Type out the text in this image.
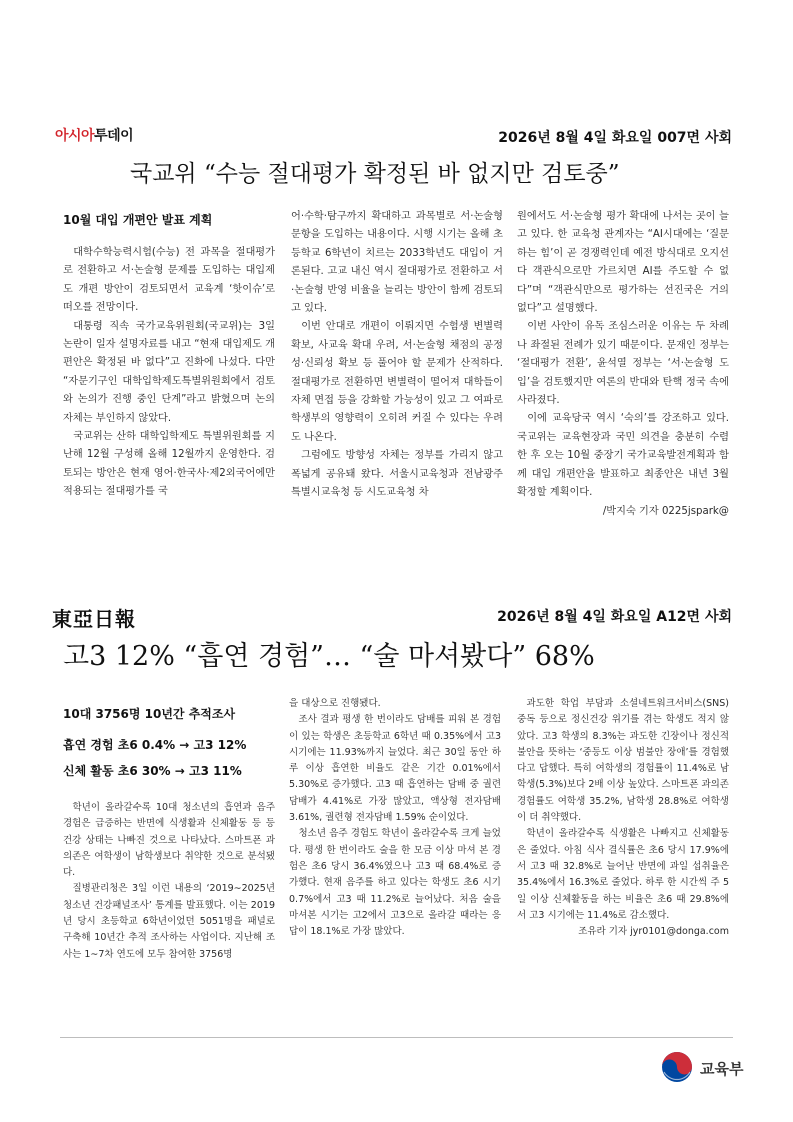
아시아투데이	2026년 8월 4일 화요일 007면 사회
국교위 “수능 절대평가 확정된 바 없지만 검토중”
10월 대입 개편안 발표 계획

대학수학능력시험(수능) 전 과목을 절대평가로 전환하고 서·논술형 문제를 도입하는 대입제도 개편 방안이 검토되면서 교육계 ‘핫이슈’로 떠오를 전망이다.

대통령 직속 국가교육위원회(국교위)는 3일 논란이 일자 설명자료를 내고 “현재 대입제도 개편안은 확정된 바 없다”고 진화에 나섰다. 다만 “자문기구인 대학입학제도특별위원회에서 검토와 논의가 진행 중인 단계”라고 밝혔으며 논의 자체는 부인하지 않았다.

국교위는 산하 대학입학제도 특별위원회를 지난해 12월 구성해 올해 12월까지 운영한다. 검토되는 방안은 현재 영어·한국사·제2외국어에만 적용되는 절대평가를 국

어·수학·탐구까지 확대하고 과목별로 서·논술형 문항을 도입하는 내용이다. 시행 시기는 올해 초등학교 6학년이 치르는 2033학년도 대입이 거론된다. 고교 내신 역시 절대평가로 전환하고 서·논술형 반영 비율을 늘리는 방안이 함께 검토되고 있다.

이번 안대로 개편이 이뤄지면 수험생 변별력 확보, 사교육 확대 우려, 서·논술형 채점의 공정성·신뢰성 확보 등 풀어야 할 문제가 산적하다. 절대평가로 전환하면 변별력이 떨어져 대학들이 자체 면접 등을 강화할 가능성이 있고 그 여파로 학생부의 영향력이 오히려 커질 수 있다는 우려도 나온다.

그럼에도 방향성 자체는 정부를 가리지 않고 폭넓게 공유돼 왔다. 서울시교육청과 전남광주특별시교육청 등 시도교육청 차

원에서도 서·논술형 평가 확대에 나서는 곳이 늘고 있다. 한 교육청 관계자는 “AI시대에는 ‘질문하는 힘’이 곧 경쟁력인데 예전 방식대로 오지선다 객관식으로만 가르치면 AI를 주도할 수 없다”며 “객관식만으로 평가하는 선진국은 거의 없다”고 설명했다.

이번 사안이 유독 조심스러운 이유는 두 차례나 좌절된 전례가 있기 때문이다. 문재인 정부는 ‘절대평가 전환’, 윤석열 정부는 ‘서·논술형 도입’을 검토했지만 여론의 반대와 탄핵 정국 속에 사라졌다.

이에 교육당국 역시 ‘숙의’를 강조하고 있다. 국교위는 교육현장과 국민 의견을 충분히 수렴한 후 오는 10월 중장기 국가교육발전계획과 함께 대입 개편안을 발표하고 최종안은 내년 3월 확정할 계획이다.

/박지숙 기자 0225jspark@
東亞日報	2026년 8월 4일 화요일 A12면 사회
고3 12% “흡연 경험”… “술 마셔봤다” 68%
10대 3756명 10년간 추적조사
흡연 경험 초6 0.4% → 고3 12%
신체 활동 초6 30% → 고3 11%

학년이 올라갈수록 10대 청소년의 흡연과 음주 경험은 급증하는 반면에 식생활과 신체활동 등 등 건강 상태는 나빠진 것으로 나타났다. 스마트폰 과의존은 여학생이 남학생보다 취약한 것으로 분석됐다.

질병관리청은 3일 이런 내용의 ‘2019∼2025년 청소년 건강패널조사’ 통계를 발표했다. 이는 2019년 당시 초등학교 6학년이었던 5051명을 패널로 구축해 10년간 추적 조사하는 사업이다. 지난해 조사는 1∼7차 연도에 모두 참여한 3756명

을 대상으로 진행됐다.

조사 결과 평생 한 번이라도 담배를 피워 본 경험이 있는 학생은 초등학교 6학년 때 0.35%에서 고3 시기에는 11.93%까지 늘었다. 최근 30일 동안 하루 이상 흡연한 비율도 같은 기간 0.01%에서 5.30%로 증가했다. 고3 때 흡연하는 담배 중 궐련 담배가 4.41%로 가장 많았고, 액상형 전자담배 3.61%, 궐련형 전자담배 1.59% 순이었다.

청소년 음주 경험도 학년이 올라갈수록 크게 늘었다. 평생 한 번이라도 술을 한 모금 이상 마셔 본 경험은 초6 당시 36.4%였으나 고3 때 68.4%로 증가했다. 현재 음주를 하고 있다는 학생도 초6 시기 0.7%에서 고3 때 11.2%로 늘어났다. 처음 술을 마셔본 시기는 고2에서 고3으로 올라갈 때라는 응답이 18.1%로 가장 많았다.

과도한 학업 부담과 소셜네트워크서비스(SNS) 중독 등으로 정신건강 위기를 겪는 학생도 적지 않았다. 고3 학생의 8.3%는 과도한 긴장이나 정신적 불안을 뜻하는 ‘중등도 이상 범불안 장애’를 경험했다고 답했다. 특히 여학생의 경험률이 11.4%로 남학생(5.3%)보다 2배 이상 높았다. 스마트폰 과의존 경험률도 여학생 35.2%, 남학생 28.8%로 여학생이 더 취약했다.

학년이 올라갈수록 식생활은 나빠지고 신체활동은 줄었다. 아침 식사 결식률은 초6 당시 17.9%에서 고3 때 32.8%로 늘어난 반면에 과일 섭취율은 35.4%에서 16.3%로 줄었다. 하루 한 시간씩 주 5일 이상 신체활동을 하는 비율은 초6 때 29.8%에서 고3 시기에는 11.4%로 감소했다.

조유라 기자 jyr0101@donga.com
교육부
